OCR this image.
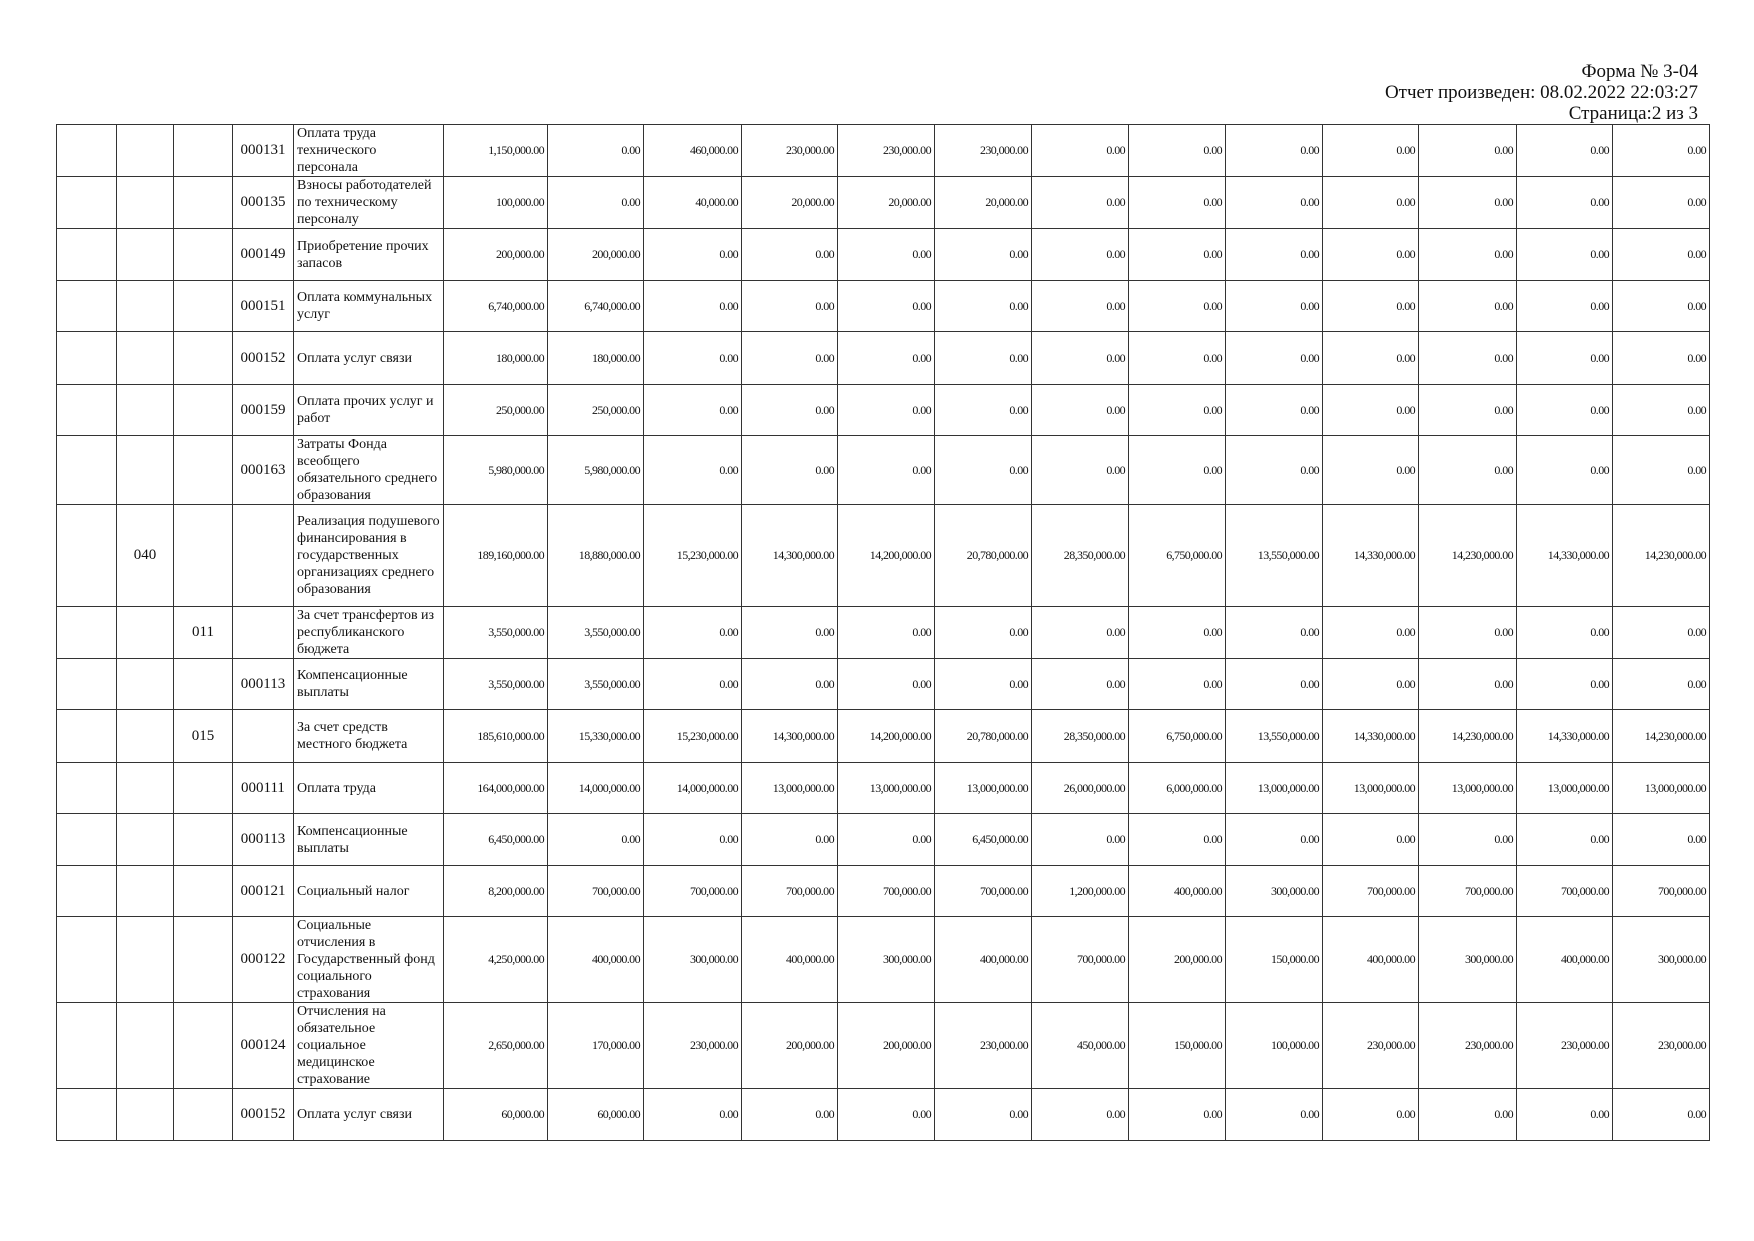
Форма № 3-04
Отчет произведен: 08.02.2022 22:03:27
Страница:2 из 3
			000131	Оплата труда технического персонала	1,150,000.00	0.00	460,000.00	230,000.00	230,000.00	230,000.00	0.00	0.00	0.00	0.00	0.00	0.00	0.00
			000135	Взносы работодателей по техническому персоналу	100,000.00	0.00	40,000.00	20,000.00	20,000.00	20,000.00	0.00	0.00	0.00	0.00	0.00	0.00	0.00
			000149	Приобретение прочих запасов	200,000.00	200,000.00	0.00	0.00	0.00	0.00	0.00	0.00	0.00	0.00	0.00	0.00	0.00
			000151	Оплата коммунальных услуг	6,740,000.00	6,740,000.00	0.00	0.00	0.00	0.00	0.00	0.00	0.00	0.00	0.00	0.00	0.00
			000152	Оплата услуг связи	180,000.00	180,000.00	0.00	0.00	0.00	0.00	0.00	0.00	0.00	0.00	0.00	0.00	0.00
			000159	Оплата прочих услуг и работ	250,000.00	250,000.00	0.00	0.00	0.00	0.00	0.00	0.00	0.00	0.00	0.00	0.00	0.00
			000163	Затраты Фонда всеобщего обязательного среднего образования	5,980,000.00	5,980,000.00	0.00	0.00	0.00	0.00	0.00	0.00	0.00	0.00	0.00	0.00	0.00
	040			Реализация подушевого финансирования в государственных организациях среднего образования	189,160,000.00	18,880,000.00	15,230,000.00	14,300,000.00	14,200,000.00	20,780,000.00	28,350,000.00	6,750,000.00	13,550,000.00	14,330,000.00	14,230,000.00	14,330,000.00	14,230,000.00
		011		За счет трансфертов из республиканского бюджета	3,550,000.00	3,550,000.00	0.00	0.00	0.00	0.00	0.00	0.00	0.00	0.00	0.00	0.00	0.00
			000113	Компенсационные выплаты	3,550,000.00	3,550,000.00	0.00	0.00	0.00	0.00	0.00	0.00	0.00	0.00	0.00	0.00	0.00
		015		За счет средств местного бюджета	185,610,000.00	15,330,000.00	15,230,000.00	14,300,000.00	14,200,000.00	20,780,000.00	28,350,000.00	6,750,000.00	13,550,000.00	14,330,000.00	14,230,000.00	14,330,000.00	14,230,000.00
			000111	Оплата труда	164,000,000.00	14,000,000.00	14,000,000.00	13,000,000.00	13,000,000.00	13,000,000.00	26,000,000.00	6,000,000.00	13,000,000.00	13,000,000.00	13,000,000.00	13,000,000.00	13,000,000.00
			000113	Компенсационные выплаты	6,450,000.00	0.00	0.00	0.00	0.00	6,450,000.00	0.00	0.00	0.00	0.00	0.00	0.00	0.00
			000121	Социальный налог	8,200,000.00	700,000.00	700,000.00	700,000.00	700,000.00	700,000.00	1,200,000.00	400,000.00	300,000.00	700,000.00	700,000.00	700,000.00	700,000.00
			000122	Социальные отчисления в Государственный фонд социального страхования	4,250,000.00	400,000.00	300,000.00	400,000.00	300,000.00	400,000.00	700,000.00	200,000.00	150,000.00	400,000.00	300,000.00	400,000.00	300,000.00
			000124	Отчисления на обязательное социальное медицинское страхование	2,650,000.00	170,000.00	230,000.00	200,000.00	200,000.00	230,000.00	450,000.00	150,000.00	100,000.00	230,000.00	230,000.00	230,000.00	230,000.00
			000152	Оплата услуг связи	60,000.00	60,000.00	0.00	0.00	0.00	0.00	0.00	0.00	0.00	0.00	0.00	0.00	0.00
